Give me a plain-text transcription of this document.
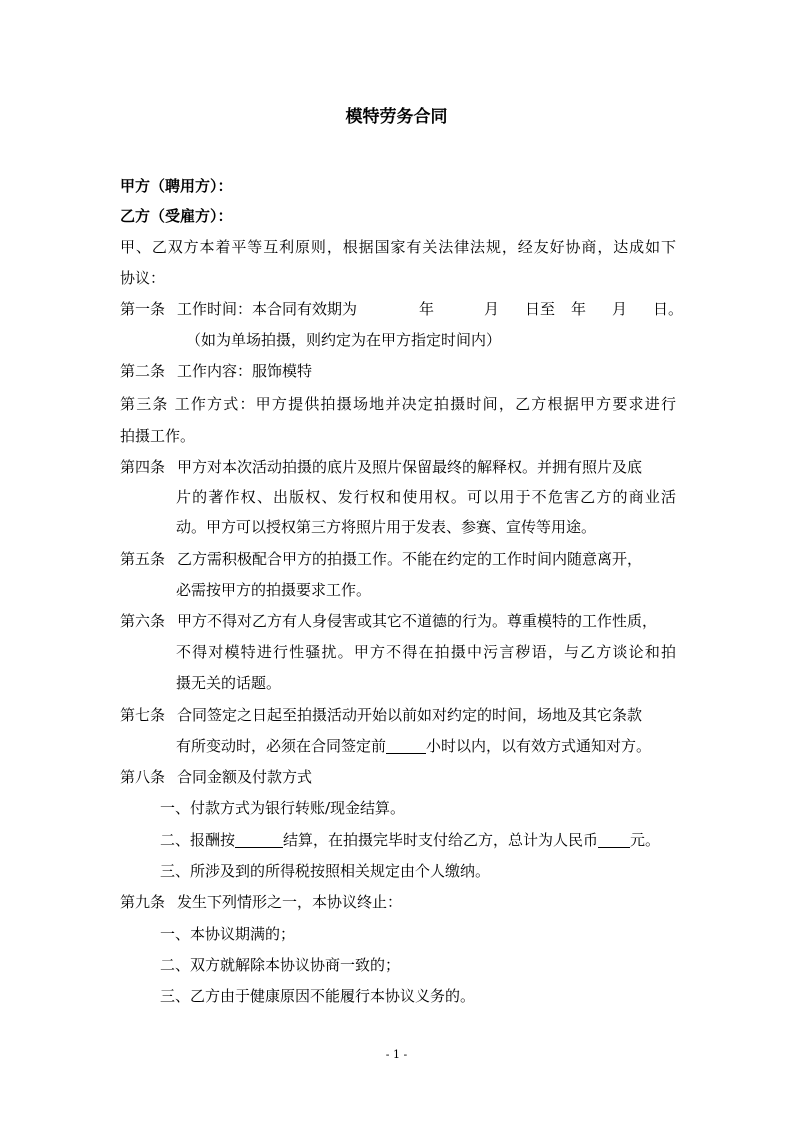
模特劳务合同
甲方（聘用方）：
乙方（受雇方）：
甲、乙双方本着平等互利原则，根据国家有关法律法规，经友好协商，达成如下
协议：
第一条 工作时间：本合同有效期为	年	月 日至 年 月 日。
（如为单场拍摄，则约定为在甲方指定时间内）
第二条 工作内容：服饰模特
第三条 工作方式：甲方提供拍摄场地并决定拍摄时间，乙方根据甲方要求进行
拍摄工作。
第四条 甲方对本次活动拍摄的底片及照片保留最终的解释权。并拥有照片及底
片的著作权、出版权、发行权和使用权。可以用于不危害乙方的商业活
动。甲方可以授权第三方将照片用于发表、参赛、宣传等用途。
第五条 乙方需积极配合甲方的拍摄工作。不能在约定的工作时间内随意离开，
必需按甲方的拍摄要求工作。
第六条 甲方不得对乙方有人身侵害或其它不道德的行为。尊重模特的工作性质，
不得对模特进行性骚扰。甲方不得在拍摄中污言秽语，与乙方谈论和拍
摄无关的话题。
第七条 合同签定之日起至拍摄活动开始以前如对约定的时间，场地及其它条款
有所变动时，必须在合同签定前	小时以内，以有效方式通知对方。
第八条 合同金额及付款方式
一、付款方式为银行转账/现金结算。
二、报酬按	结算，在拍摄完毕时支付给乙方，总计为人民币 元。
三、所涉及到的所得税按照相关规定由个人缴纳。
第九条 发生下列情形之一，本协议终止：
一、本协议期满的；
二、双方就解除本协议协商一致的；
三、乙方由于健康原因不能履行本协议义务的。
- 1 -
